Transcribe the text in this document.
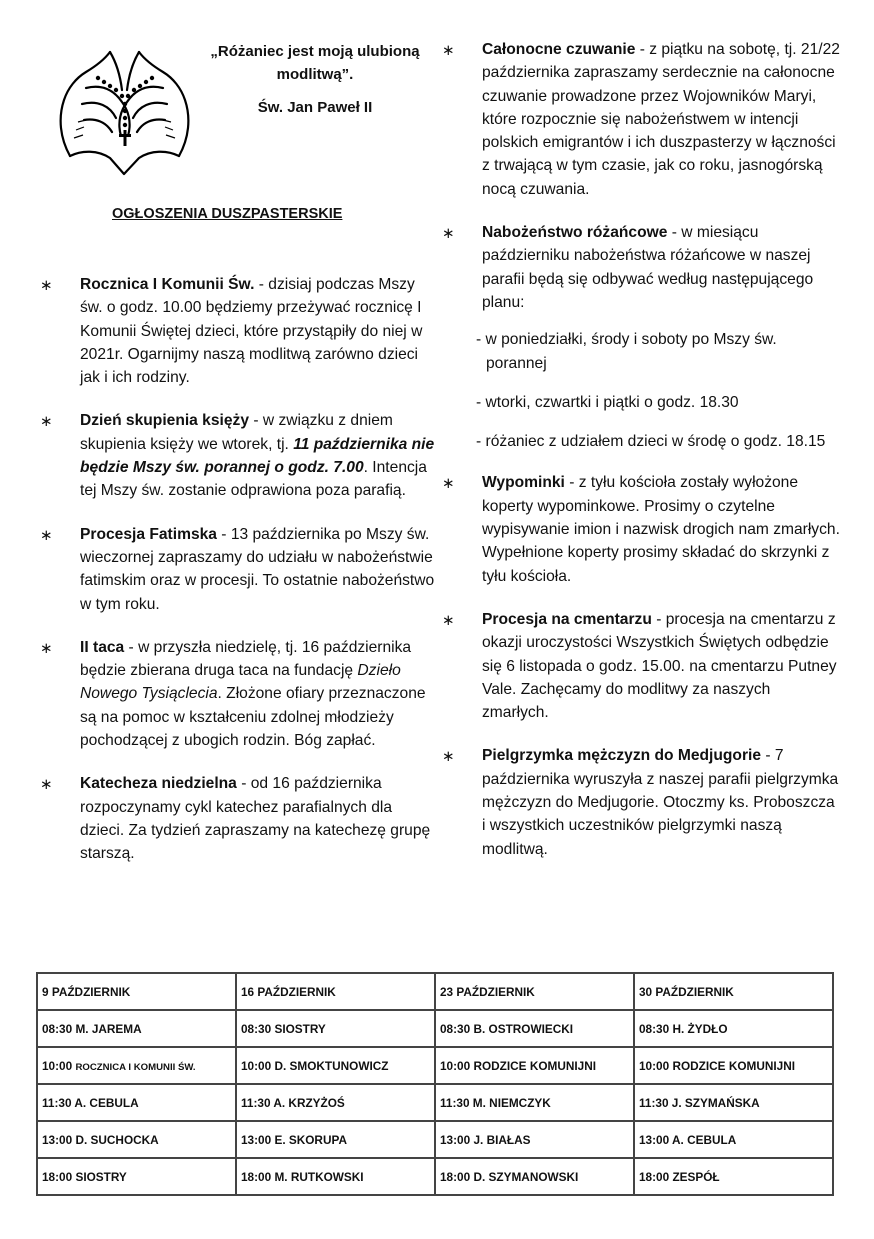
„Różaniec jest moją ulubioną modlitwą”.
Św. Jan Paweł II
OGŁOSZENIA DUSZPASTERSKIE
∗ Rocznica I Komunii Św. - dzisiaj podczas Mszy św. o godz. 10.00 będziemy przeżywać rocznicę I Komunii Świętej dzieci, które przystąpiły do niej w 2021r. Ogarnijmy naszą modlitwą zarówno dzieci jak i ich rodziny.
∗ Dzień skupienia księży - w związku z dniem skupienia księży we wtorek, tj. 11 października nie będzie Mszy św. porannej o godz. 7.00. Intencja tej Mszy św. zostanie odprawiona poza parafią.
∗ Procesja Fatimska - 13 października po Mszy św. wieczornej zapraszamy do udziału w nabożeństwie fatimskim oraz w procesji. To ostatnie nabożeństwo w tym roku.
∗ II taca - w przyszła niedzielę, tj. 16 października będzie zbierana druga taca na fundację Dzieło Nowego Tysiąclecia. Złożone ofiary przeznaczone są na pomoc w kształceniu zdolnej młodzieży pochodzącej z ubogich rodzin. Bóg zapłać.
∗ Katecheza niedzielna - od 16 października rozpoczynamy cykl katechez parafialnych dla dzieci. Za tydzień zapraszamy na katechezę grupę starszą.
∗ Całonocne czuwanie - z piątku na sobotę, tj. 21/22 października zapraszamy serdecznie na całonocne czuwanie prowadzone przez Wojowników Maryi, które rozpocznie się nabożeństwem w intencji polskich emigrantów i ich duszpasterzy w łączności z trwającą w tym czasie, jak co roku, jasnogórską nocą czuwania.
∗ Nabożeństwo różańcowe - w miesiącu październiku nabożeństwa różańcowe w naszej parafii będą się odbywać według następującego planu:
- w poniedziałki, środy i soboty po Mszy św. porannej
- wtorki, czwartki i piątki o godz. 18.30
- różaniec z udziałem dzieci w środę o godz. 18.15
∗ Wypominki - z tyłu kościoła zostały wyłożone koperty wypominkowe. Prosimy o czytelne wypisywanie imion i nazwisk drogich nam zmarłych. Wypełnione koperty prosimy składać do skrzynki z tyłu kościoła.
∗ Procesja na cmentarzu - procesja na cmentarzu z okazji uroczystości Wszystkich Świętych odbędzie się 6 listopada o godz. 15.00. na cmentarzu Putney Vale. Zachęcamy do modlitwy za naszych zmarłych.
∗ Pielgrzymka mężczyzn do Medjugorie - 7 października wyruszyła z naszej parafii pielgrzymka mężczyzn do Medjugorie. Otoczmy ks. Proboszcza i wszystkich uczestników pielgrzymki naszą modlitwą.
9 PAŹDZIERNIK	16 PAŹDZIERNIK	23 PAŹDZIERNIK	30 PAŹDZIERNIK
08:30 M. JAREMA	08:30 SIOSTRY	08:30 B. OSTROWIECKI	08:30 H. ŻYDŁO
10:00 ROCZNICA I KOMUNII ŚW.	10:00 D. SMOKTUNOWICZ	10:00 RODZICE KOMUNIJNI	10:00 RODZICE KOMUNIJNI
11:30 A. CEBULA	11:30 A. KRZYŻOŚ	11:30 M. NIEMCZYK	11:30 J. SZYMAŃSKA
13:00 D. SUCHOCKA	13:00 E. SKORUPA	13:00 J. BIAŁAS	13:00 A. CEBULA
18:00 SIOSTRY	18:00 M. RUTKOWSKI	18:00 D. SZYMANOWSKI	18:00 ZESPÓŁ
